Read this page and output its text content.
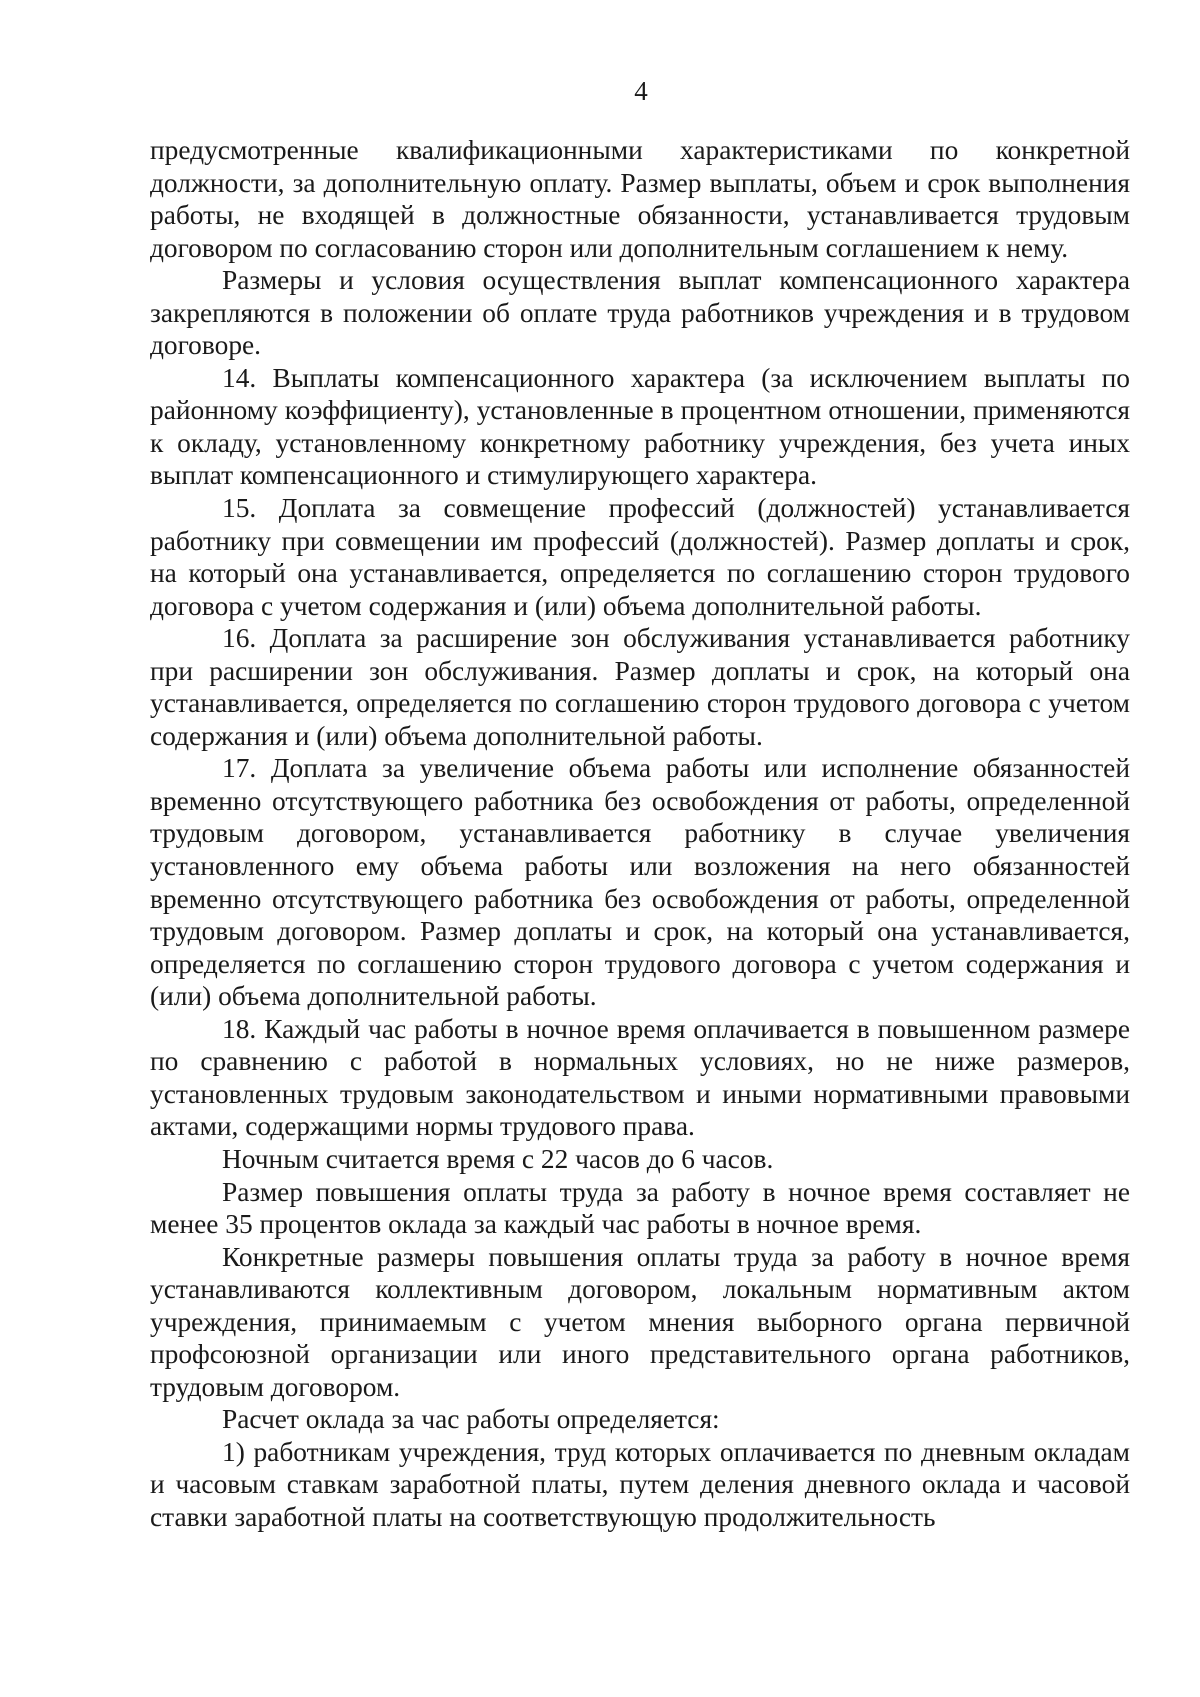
4

предусмотренные квалификационными характеристиками по конкретной должности, за дополнительную оплату. Размер выплаты, объем и срок выполнения работы, не входящей в должностные обязанности, устанавливается трудовым договором по согласованию сторон или дополнительным соглашением к нему.

Размеры и условия осуществления выплат компенсационного характера закрепляются в положении об оплате труда работников учреждения и в трудовом договоре.

14. Выплаты компенсационного характера (за исключением выплаты по районному коэффициенту), установленные в процентном отношении, применяются к окладу, установленному конкретному работнику учреждения, без учета иных выплат компенсационного и стимулирующего характера.

15. Доплата за совмещение профессий (должностей) устанавливается работнику при совмещении им профессий (должностей). Размер доплаты и срок, на который она устанавливается, определяется по соглашению сторон трудового договора с учетом содержания и (или) объема дополнительной работы.

16. Доплата за расширение зон обслуживания устанавливается работнику при расширении зон обслуживания. Размер доплаты и срок, на который она устанавливается, определяется по соглашению сторон трудового договора с учетом содержания и (или) объема дополнительной работы.

17. Доплата за увеличение объема работы или исполнение обязанностей временно отсутствующего работника без освобождения от работы, определенной трудовым договором, устанавливается работнику в случае увеличения установленного ему объема работы или возложения на него обязанностей временно отсутствующего работника без освобождения от работы, определенной трудовым договором. Размер доплаты и срок, на который она устанавливается, определяется по соглашению сторон трудового договора с учетом содержания и (или) объема дополнительной работы.

18. Каждый час работы в ночное время оплачивается в повышенном размере по сравнению с работой в нормальных условиях, но не ниже размеров, установленных трудовым законодательством и иными нормативными правовыми актами, содержащими нормы трудового права.

Ночным считается время с 22 часов до 6 часов.

Размер повышения оплаты труда за работу в ночное время составляет не менее 35 процентов оклада за каждый час работы в ночное время.

Конкретные размеры повышения оплаты труда за работу в ночное время устанавливаются коллективным договором, локальным нормативным актом учреждения, принимаемым с учетом мнения выборного органа первичной профсоюзной организации или иного представительного органа работников, трудовым договором.

Расчет оклада за час работы определяется:

1) работникам учреждения, труд которых оплачивается по дневным окладам и часовым ставкам заработной платы, путем деления дневного оклада и часовой ставки заработной платы на соответствующую продолжительность
